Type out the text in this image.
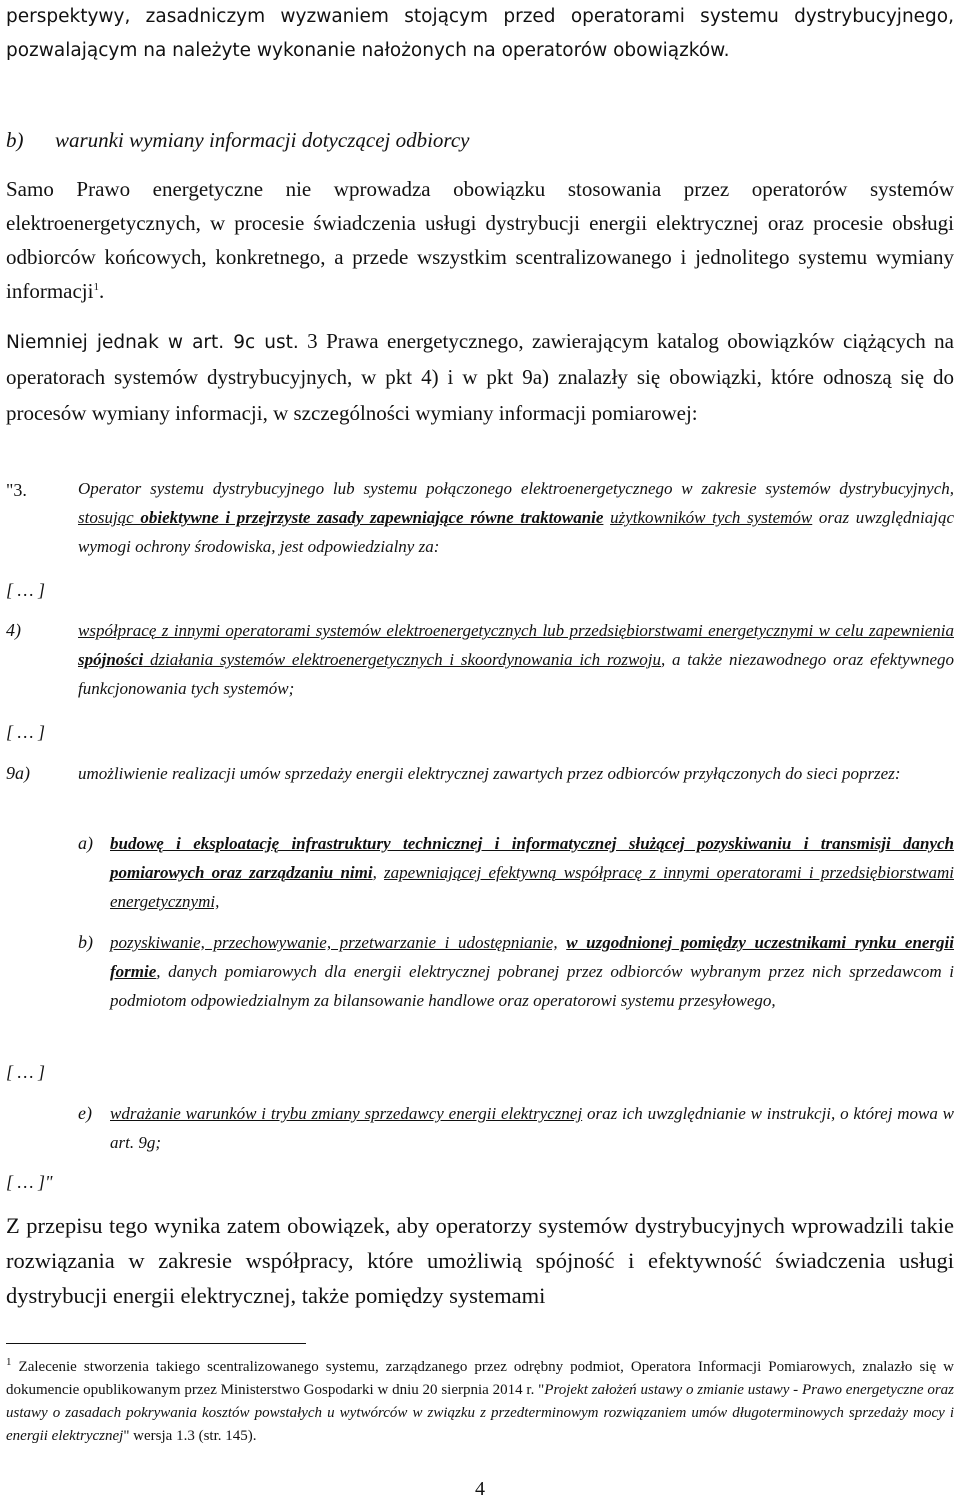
perspektywy, zasadniczym wyzwaniem stojącym przed operatorami systemu dystrybucyjnego, pozwalającym na należyte wykonanie nałożonych na operatorów obowiązków.

b)      warunki wymiany informacji dotyczącej odbiorcy

Samo Prawo energetyczne nie wprowadza obowiązku stosowania przez operatorów systemów elektroenergetycznych, w procesie świadczenia usługi dystrybucji energii elektrycznej oraz procesie obsługi odbiorców końcowych, konkretnego, a przede wszystkim scentralizowanego i jednolitego systemu wymiany informacji$^1$.

Niemniej jednak w art. 9c ust. 3 Prawa energetycznego, zawierającym katalog obowiązków ciążących na operatorach systemów dystrybucyjnych, w pkt 4) i w pkt 9a) znalazły się obowiązki, które odnoszą się do procesów wymiany informacji, w szczególności wymiany informacji pomiarowej:

"3.	Operator systemu dystrybucyjnego lub systemu połączonego elektroenergetycznego w zakresie systemów dystrybucyjnych, stosując obiektywne i przejrzyste zasady zapewniające równe traktowanie użytkowników tych systemów oraz uwzględniając wymogi ochrony środowiska, jest odpowiedzialny za:
[ … ]
4)	współpracę z innymi operatorami systemów elektroenergetycznych lub przedsiębiorstwami energetycznymi w celu zapewnienia spójności działania systemów elektroenergetycznych i skoordynowania ich rozwoju, a także niezawodnego oraz efektywnego funkcjonowania tych systemów;
[ … ]
9a)	umożliwienie realizacji umów sprzedaży energii elektrycznej zawartych przez odbiorców przyłączonych do sieci poprzez:
a) budowę i eksploatację infrastruktury technicznej i informatycznej służącej pozyskiwaniu i transmisji danych pomiarowych oraz zarządzaniu nimi, zapewniającej efektywną współpracę z innymi operatorami i przedsiębiorstwami energetycznymi,
b) pozyskiwanie, przechowywanie, przetwarzanie i udostępnianie, w uzgodnionej pomiędzy uczestnikami rynku energii formie, danych pomiarowych dla energii elektrycznej pobranej przez odbiorców wybranym przez nich sprzedawcom i podmiotom odpowiedzialnym za bilansowanie handlowe oraz operatorowi systemu przesyłowego,
[ … ]
e) wdrażanie warunków i trybu zmiany sprzedawcy energii elektrycznej oraz ich uwzględnianie w instrukcji, o której mowa w art. 9g;
[ … ]"

Z przepisu tego wynika zatem obowiązek, aby operatorzy systemów dystrybucyjnych wprowadzili takie rozwiązania w zakresie współpracy, które umożliwią spójność i efektywność świadczenia usługi dystrybucji energii elektrycznej, także pomiędzy systemami

$^1$ Zalecenie stworzenia takiego scentralizowanego systemu, zarządzanego przez odrębny podmiot, Operatora Informacji Pomiarowych, znalazło się w dokumencie opublikowanym przez Ministerstwo Gospodarki w dniu 20 sierpnia 2014 r. "Projekt założeń ustawy o zmianie ustawy - Prawo energetyczne oraz ustawy o zasadach pokrywania kosztów powstałych u wytwórców w związku z przedterminowym rozwiązaniem umów długoterminowych sprzedaży mocy i energii elektrycznej" wersja 1.3 (str. 145).
4
